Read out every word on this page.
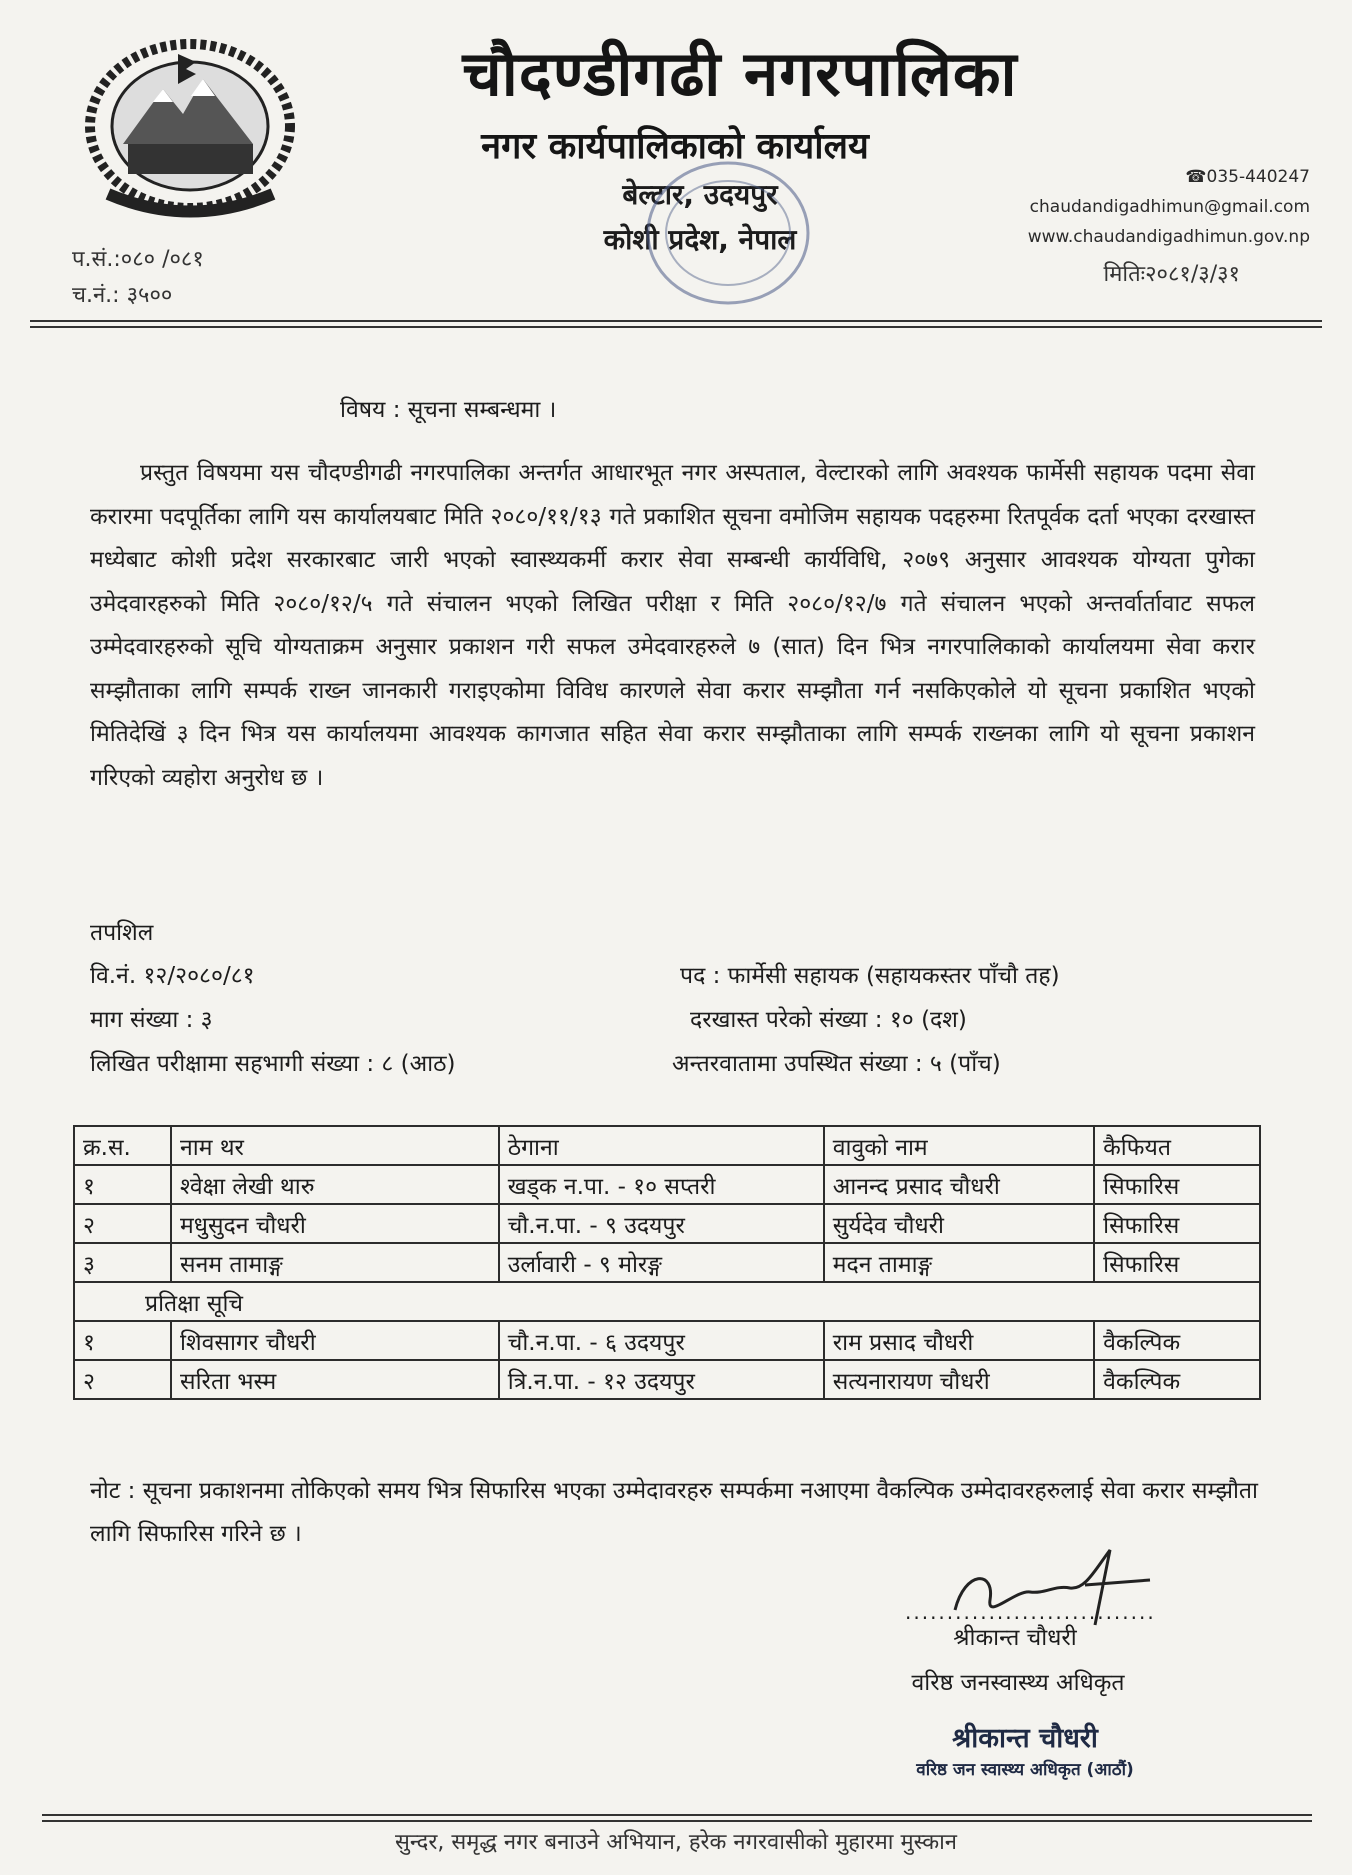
चौदण्डीगढी नगरपालिका
नगर कार्यपालिकाको कार्यालय
बेल्टार, उदयपुर
कोशी प्रदेश, नेपाल
☎035-440247
chaudandigadhimun@gmail.com
www.chaudandigadhimun.gov.np
प.सं.:०८० /०८१
च.नं.: ३५००
मितिः२०८१/३/३१
विषय : सूचना सम्बन्धमा ।
प्रस्तुत विषयमा यस चौदण्डीगढी नगरपालिका अन्तर्गत आधारभूत नगर अस्पताल, वेल्टारको लागि अवश्यक फार्मेसी सहायक पदमा सेवा करारमा पदपूर्तिका लागि यस कार्यालयबाट मिति २०८०/११/१३ गते प्रकाशित सूचना वमोजिम सहायक पदहरुमा रितपूर्वक दर्ता भएका दरखास्त मध्येबाट कोशी प्रदेश सरकारबाट जारी भएको स्वास्थ्यकर्मी करार सेवा सम्बन्धी कार्यविधि, २०७९ अनुसार आवश्यक योग्यता पुगेका उमेदवारहरुको मिति २०८०/१२/५ गते संचालन भएको लिखित परीक्षा र मिति २०८०/१२/७ गते संचालन भएको अन्तर्वार्तावाट सफल उम्मेदवारहरुको सूचि योग्यताक्रम अनुसार प्रकाशन गरी सफल उमेदवारहरुले ७ (सात) दिन भित्र नगरपालिकाको कार्यालयमा सेवा करार सम्झौताका लागि सम्पर्क राख्न जानकारी गराइएकोमा विविध कारणले सेवा करार सम्झौता गर्न नसकिएकोले यो सूचना प्रकाशित भएको मितिदेखिं ३ दिन भित्र यस कार्यालयमा आवश्यक कागजात सहित सेवा करार सम्झौताका लागि सम्पर्क राख्नका लागि यो सूचना प्रकाशन गरिएको व्यहोरा अनुरोध छ ।
तपशिल
वि.नं. १२/२०८०/८१	पद : फार्मेसी सहायक (सहायकस्तर पाँचौ तह)
माग संख्या : ३	दरखास्त परेको संख्या : १० (दश)
लिखित परीक्षामा सहभागी संख्या : ८ (आठ)	अन्तरवातामा उपस्थित संख्या : ५ (पाँच)
क्र.स.	नाम थर	ठेगाना	वावुको नाम	कैफियत
१	श्वेक्षा लेखी थारु	खड्क न.पा. - १० सप्तरी	आनन्द प्रसाद चौधरी	सिफारिस
२	मधुसुदन चौधरी	चौ.न.पा. - ९ उदयपुर	सुर्यदेव चौधरी	सिफारिस
३	सनम तामाङ्ग	उर्लावारी - ९ मोरङ्ग	मदन तामाङ्ग	सिफारिस
प्रतिक्षा सूचि				
१	शिवसागर चौधरी	चौ.न.पा. - ६ उदयपुर	राम प्रसाद चौधरी	वैकल्पिक
२	सरिता भस्म	त्रि.न.पा. - १२ उदयपुर	सत्यनारायण चौधरी	वैकल्पिक
नोट : सूचना प्रकाशनमा तोकिएको समय भित्र सिफारिस भएका उम्मेदावरहरु सम्पर्कमा नआएमा वैकल्पिक उम्मेदावरहरुलाई सेवा करार सम्झौता लागि सिफारिस गरिने छ ।
..............................
श्रीकान्त चौधरी
वरिष्ठ जनस्वास्थ्य अधिकृत
श्रीकान्त चौधरी
वरिष्ठ जन स्वास्थ्य अधिकृत (आठौं)
सुन्दर, समृद्ध नगर बनाउने अभियान, हरेक नगरवासीको मुहारमा मुस्कान
